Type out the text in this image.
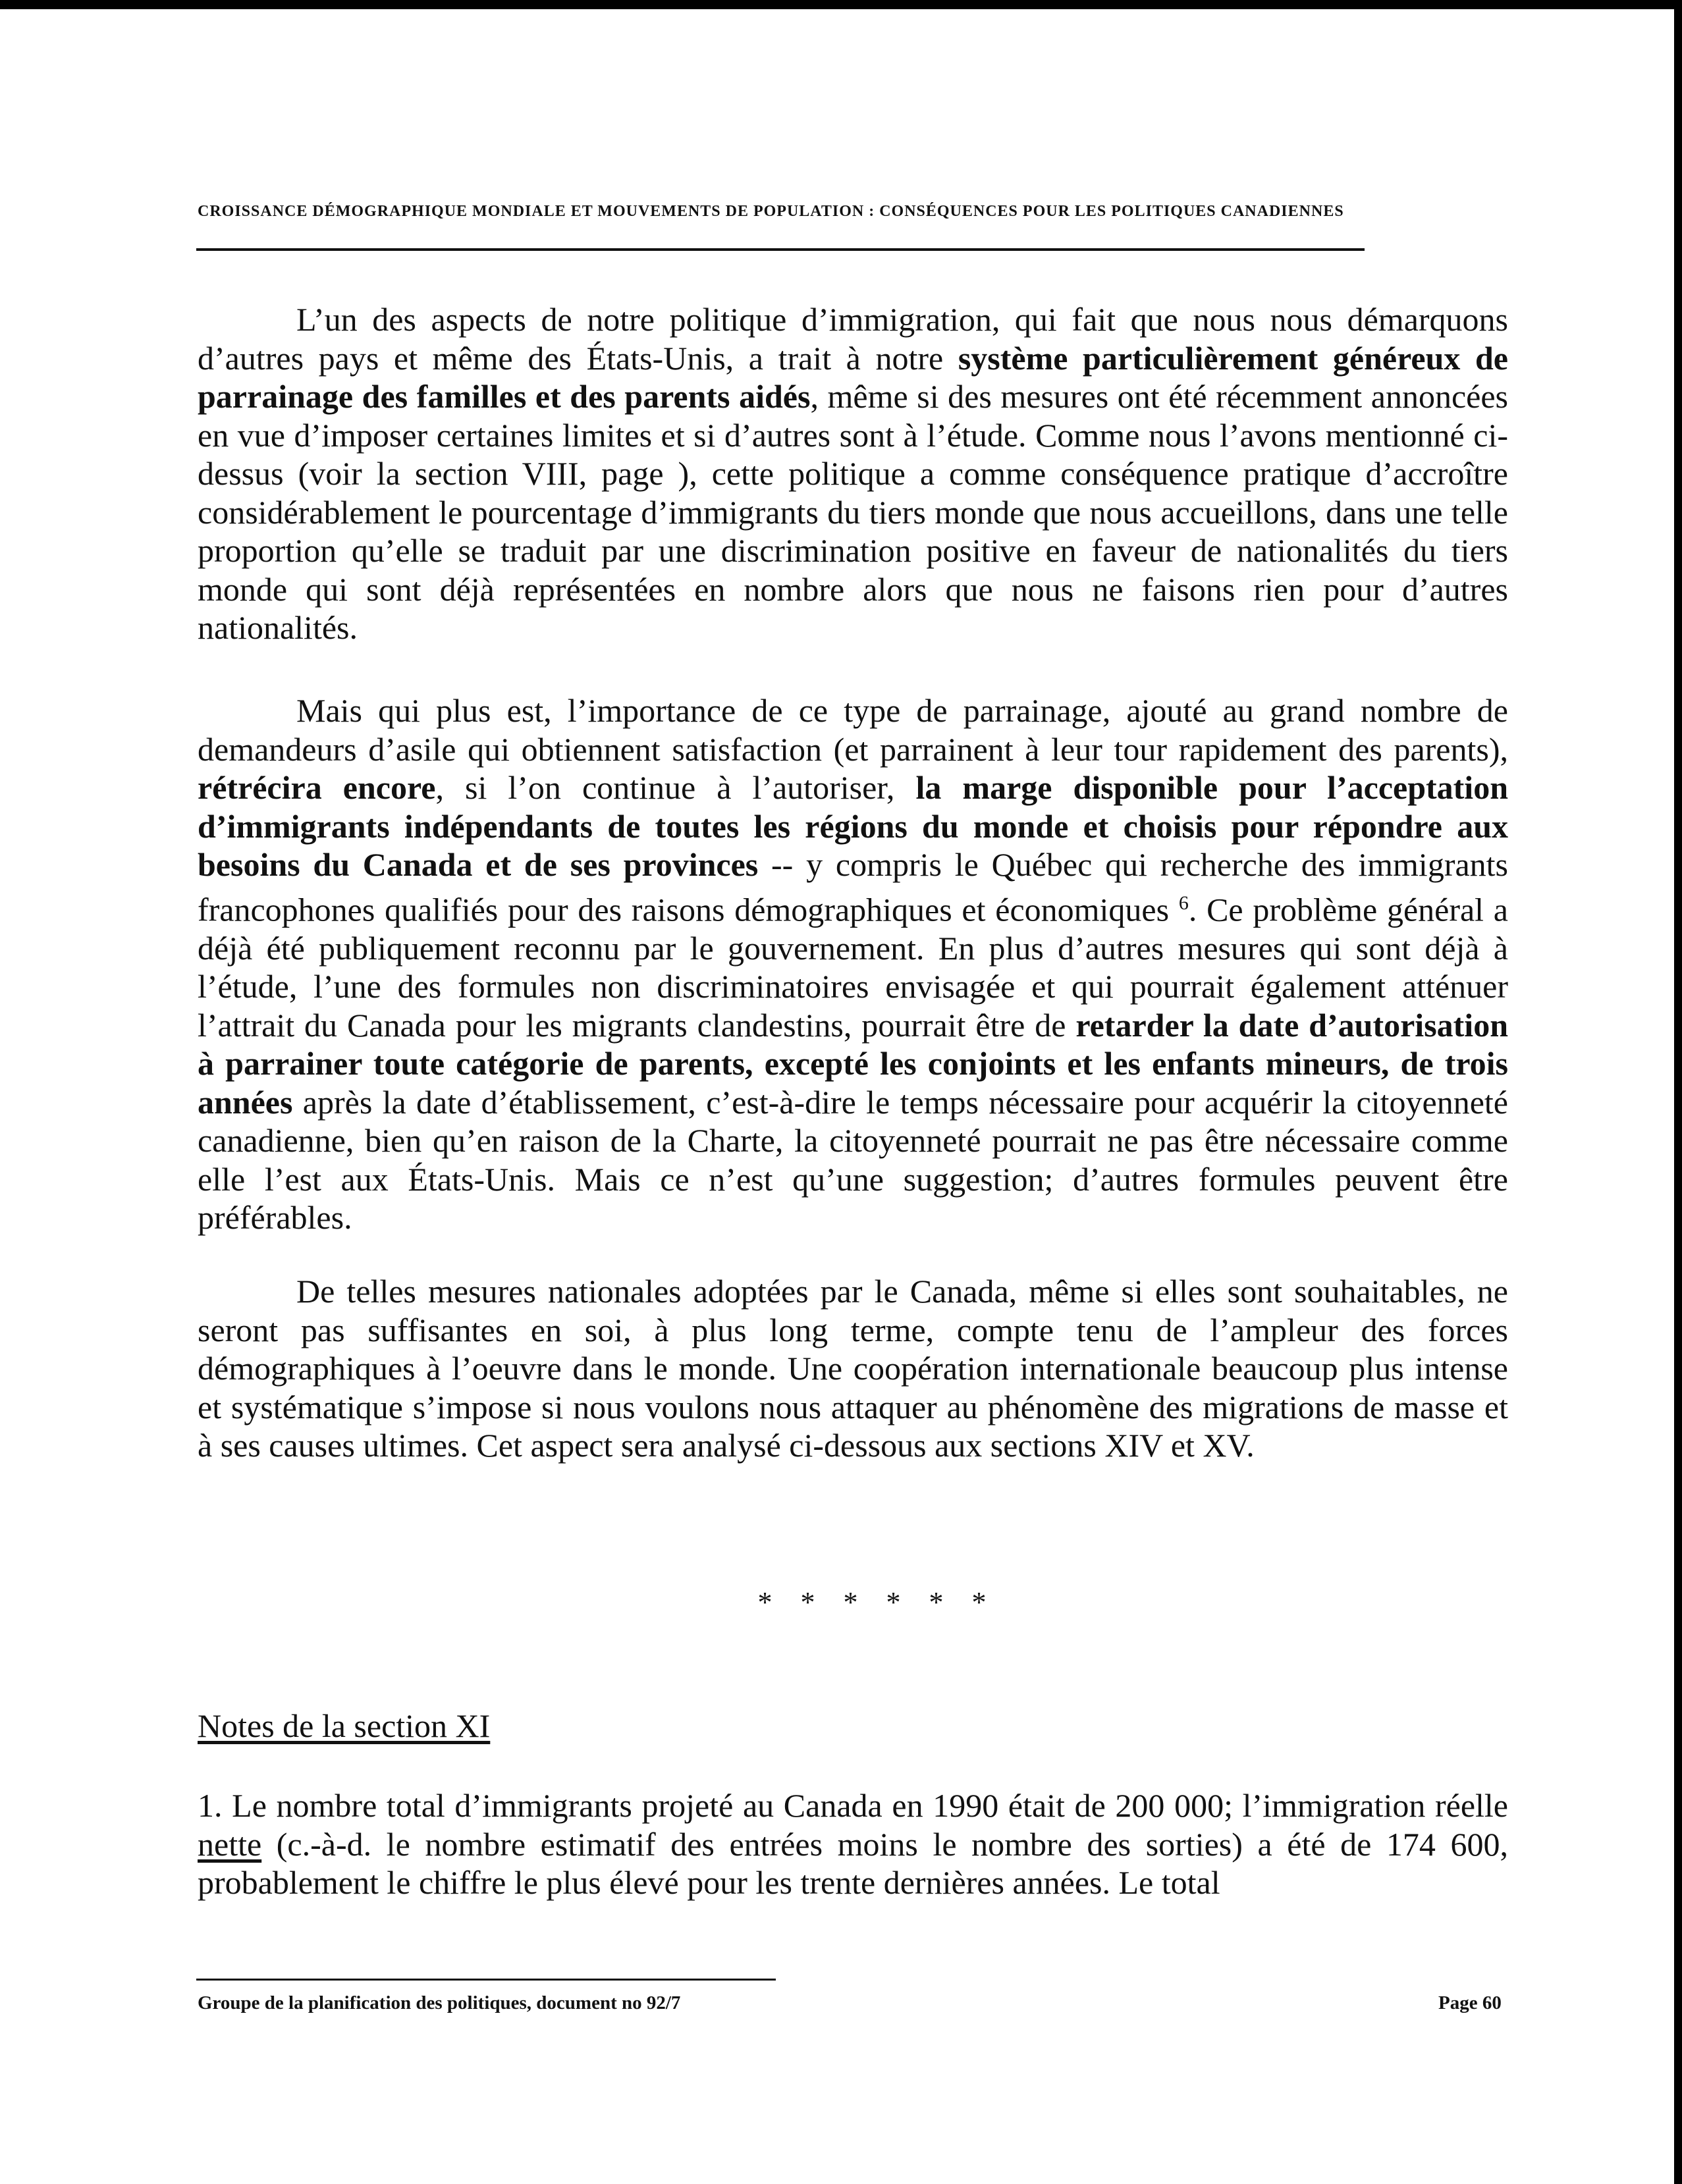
CROISSANCE DÉMOGRAPHIQUE MONDIALE ET MOUVEMENTS DE POPULATION : CONSÉQUENCES POUR LES POLITIQUES CANADIENNES

L’un des aspects de notre politique d’immigration, qui fait que nous nous démarquons d’autres pays et même des États-Unis, a trait à notre système particulièrement généreux de parrainage des familles et des parents aidés, même si des mesures ont été récemment annoncées en vue d’imposer certaines limites et si d’autres sont à l’étude. Comme nous l’avons mentionné ci-dessus (voir la section VIII, page ), cette politique a comme conséquence pratique d’accroître considérablement le pourcentage d’immigrants du tiers monde que nous accueillons, dans une telle proportion qu’elle se traduit par une discrimination positive en faveur de nationalités du tiers monde qui sont déjà représentées en nombre alors que nous ne faisons rien pour d’autres nationalités.

Mais qui plus est, l’importance de ce type de parrainage, ajouté au grand nombre de demandeurs d’asile qui obtiennent satisfaction (et parrainent à leur tour rapidement des parents), rétrécira encore, si l’on continue à l’autoriser, la marge disponible pour l’acceptation d’immigrants indépendants de toutes les régions du monde et choisis pour répondre aux besoins du Canada et de ses provinces -- y compris le Québec qui recherche des immigrants francophones qualifiés pour des raisons démographiques et économiques $^6$. Ce problème général a déjà été publiquement reconnu par le gouvernement. En plus d’autres mesures qui sont déjà à l’étude, l’une des formules non discriminatoires envisagée et qui pourrait également atténuer l’attrait du Canada pour les migrants clandestins, pourrait être de retarder la date d’autorisation à parrainer toute catégorie de parents, excepté les conjoints et les enfants mineurs, de trois années après la date d’établissement, c’est-à-dire le temps nécessaire pour acquérir la citoyenneté canadienne, bien qu’en raison de la Charte, la citoyenneté pourrait ne pas être nécessaire comme elle l’est aux États-Unis. Mais ce n’est qu’une suggestion; d’autres formules peuvent être préférables.

De telles mesures nationales adoptées par le Canada, même si elles sont souhaitables, ne seront pas suffisantes en soi, à plus long terme, compte tenu de l’ampleur des forces démographiques à l’oeuvre dans le monde. Une coopération internationale beaucoup plus intense et systématique s’impose si nous voulons nous attaquer au phénomène des migrations de masse et à ses causes ultimes. Cet aspect sera analysé ci-dessous aux sections XIV et XV.

* * * * * *
Notes de la section XI

1. Le nombre total d’immigrants projeté au Canada en 1990 était de 200 000; l’immigration réelle nette (c.-à-d. le nombre estimatif des entrées moins le nombre des sorties) a été de 174 600, probablement le chiffre le plus élevé pour les trente dernières années. Le total

Groupe de la planification des politiques, document no 92/7	Page 60
